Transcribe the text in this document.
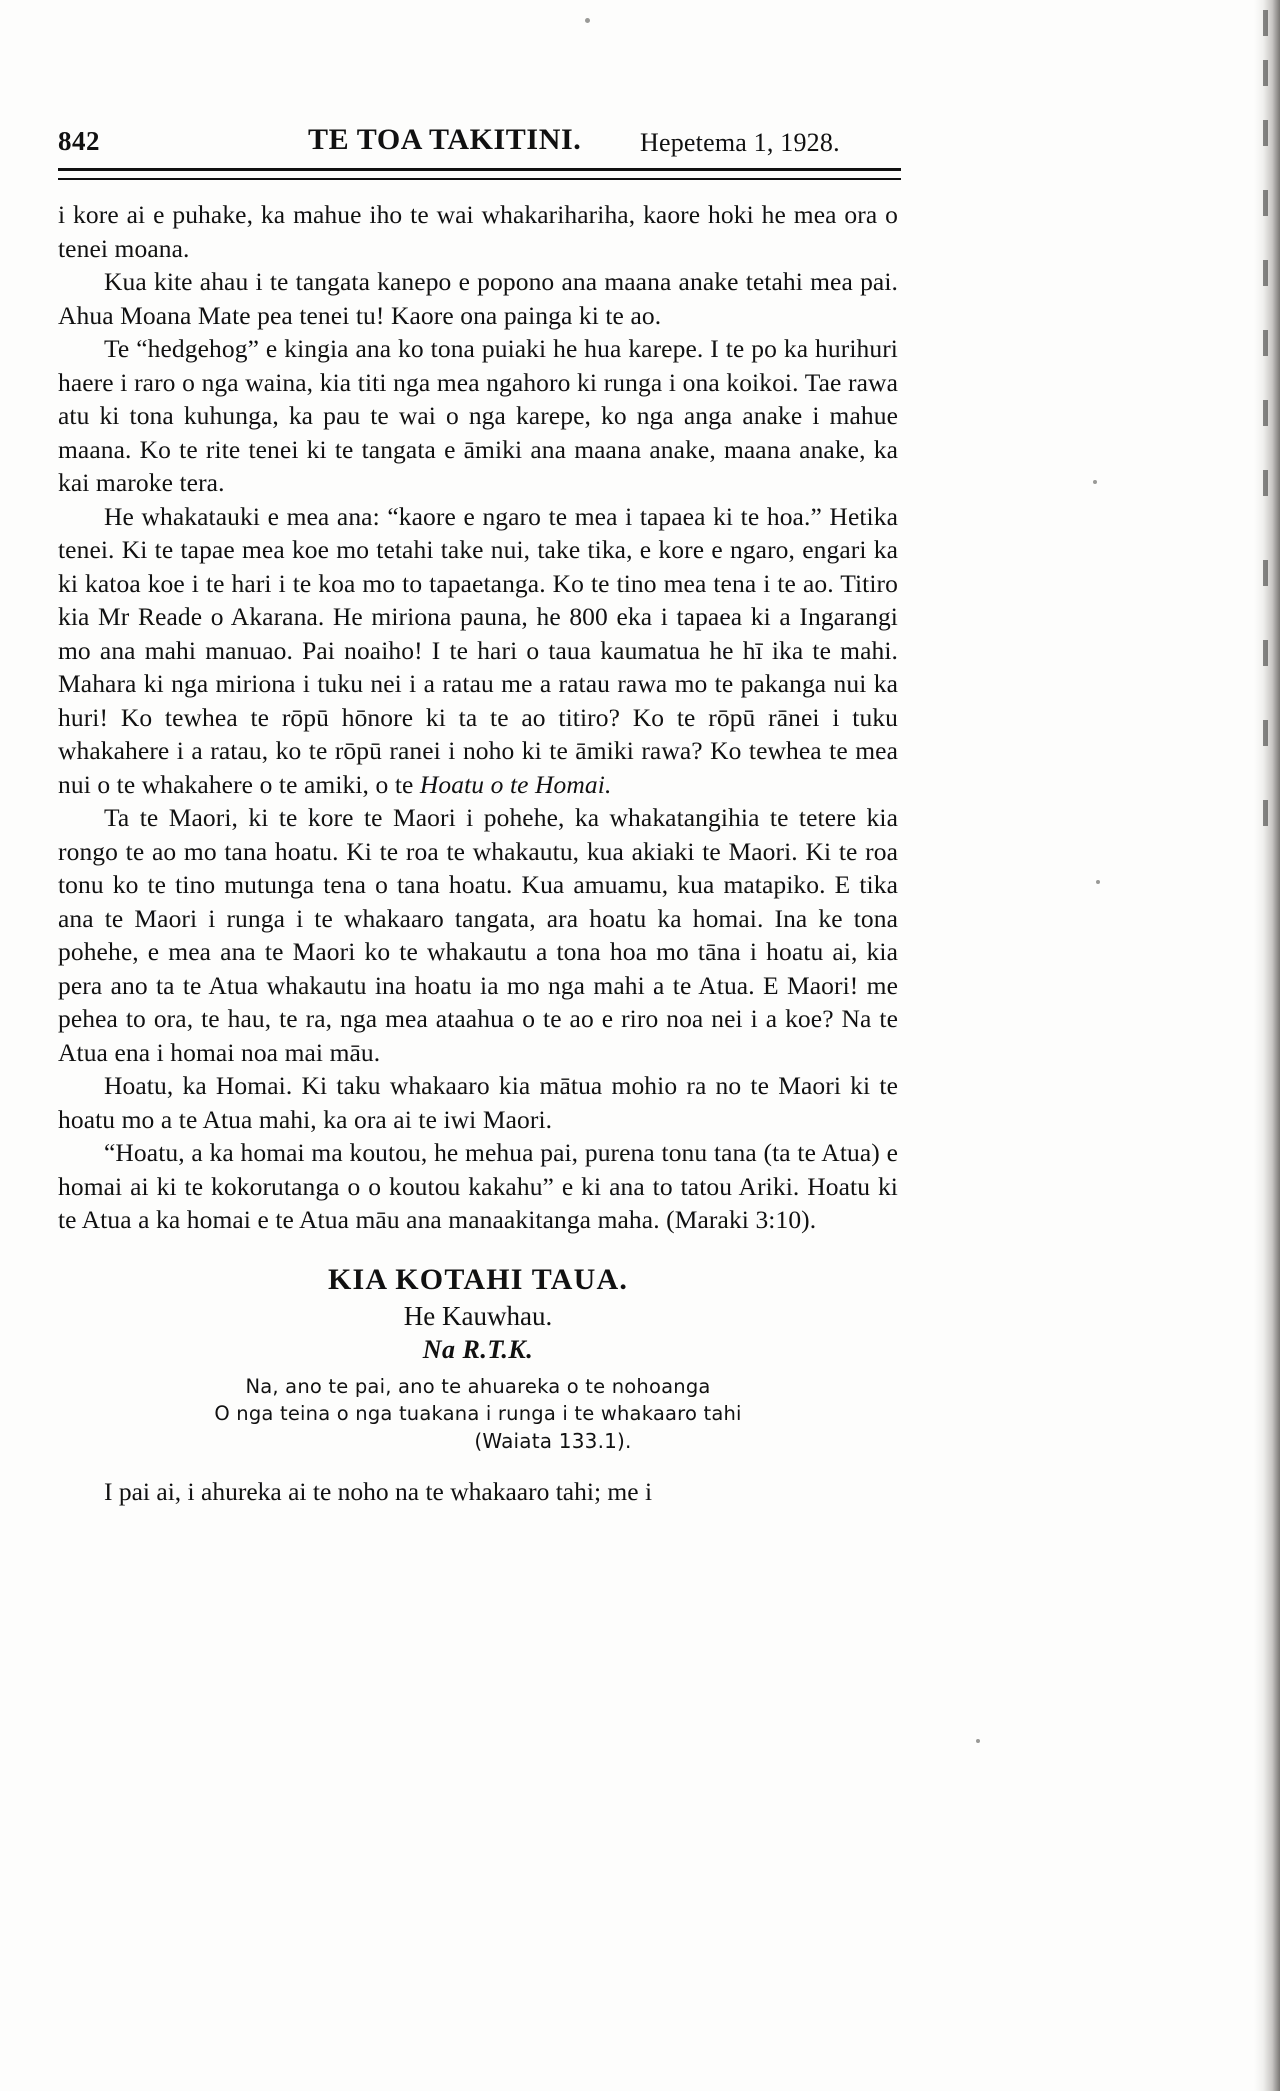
842	TE TOA TAKITINI. Hepetema 1, 1928.

i kore ai e puhake, ka mahue iho te wai whakarihariha, kaore hoki he mea ora o tenei moana.

Kua kite ahau i te tangata kanepo e popono ana maana anake tetahi mea pai. Ahua Moana Mate pea tenei tu! Kaore ona painga ki te ao.

Te “hedgehog” e kingia ana ko tona puiaki he hua karepe. I te po ka hurihuri haere i raro o nga waina, kia titi nga mea ngahoro ki runga i ona koikoi. Tae rawa atu ki tona kuhunga, ka pau te wai o nga karepe, ko nga anga anake i mahue maana. Ko te rite tenei ki te tangata e āmiki ana maana anake, maana anake, ka kai maroke tera.

He whakatauki e mea ana: “kaore e ngaro te mea i tapaea ki te hoa.” Hetika tenei. Ki te tapae mea koe mo tetahi take nui, take tika, e kore e ngaro, engari ka ki katoa koe i te hari i te koa mo to tapaetanga. Ko te tino mea tena i te ao. Titiro kia Mr Reade o Akarana. He miriona pauna, he 800 eka i tapaea ki a Ingarangi mo ana mahi manuao. Pai noaiho! I te hari o taua kaumatua he hī ika te mahi. Mahara ki nga miriona i tuku nei i a ratau me a ratau rawa mo te pakanga nui ka huri! Ko tewhea te rōpū hōnore ki ta te ao titiro? Ko te rōpū rānei i tuku whakahere i a ratau, ko te rōpū ranei i noho ki te āmiki rawa? Ko tewhea te mea nui o te whakahere o te amiki, o te Hoatu o te Homai.

Ta te Maori, ki te kore te Maori i pohehe, ka whakatangihia te tetere kia rongo te ao mo tana hoatu. Ki te roa te whakautu, kua akiaki te Maori. Ki te roa tonu ko te tino mutunga tena o tana hoatu. Kua amuamu, kua matapiko. E tika ana te Maori i runga i te whakaaro tangata, ara hoatu ka homai. Ina ke tona pohehe, e mea ana te Maori ko te whakautu a tona hoa mo tāna i hoatu ai, kia pera ano ta te Atua whakautu ina hoatu ia mo nga mahi a te Atua. E Maori! me pehea to ora, te hau, te ra, nga mea ataahua o te ao e riro noa nei i a koe? Na te Atua ena i homai noa mai māu.

Hoatu, ka Homai. Ki taku whakaaro kia mātua mohio ra no te Maori ki te hoatu mo a te Atua mahi, ka ora ai te iwi Maori.

“Hoatu, a ka homai ma koutou, he mehua pai, purena tonu tana (ta te Atua) e homai ai ki te kokorutanga o o koutou kakahu” e ki ana to tatou Ariki. Hoatu ki te Atua a ka homai e te Atua māu ana manaakitanga maha. (Maraki 3:10).

KIA KOTAHI TAUA.
He Kauwhau.
Na R.T.K.
Na, ano te pai, ano te ahuareka o te nohoanga
O nga teina o nga tuakana i runga i te whakaaro tahi
(Waiata 133.1).
I pai ai, i ahureka ai te noho na te whakaaro tahi; me i
